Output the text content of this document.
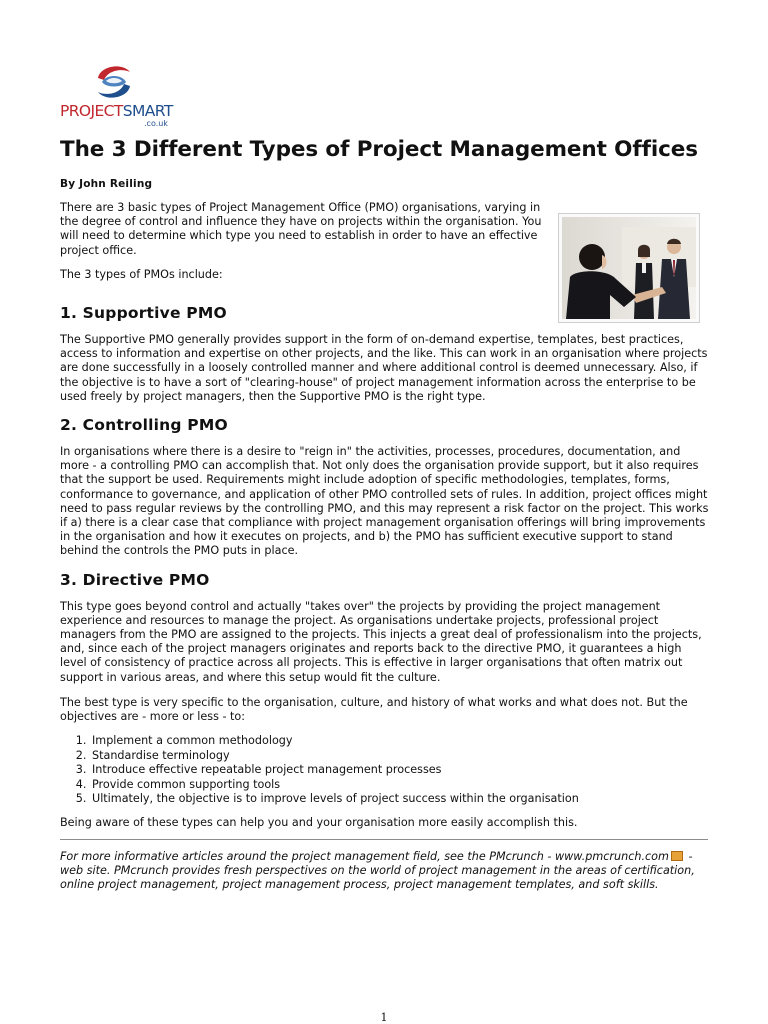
PROJECTSMART
.co.uk
The 3 Different Types of Project Management Offices
By John Reiling

There are 3 basic types of Project Management Office (PMO) organisations, varying in the degree of control and influence they have on projects within the organisation. You will need to determine which type you need to establish in order to have an effective project office.

The 3 types of PMOs include:

1. Supportive PMO

The Supportive PMO generally provides support in the form of on-demand expertise, templates, best practices, access to information and expertise on other projects, and the like. This can work in an organisation where projects are done successfully in a loosely controlled manner and where additional control is deemed unnecessary. Also, if the objective is to have a sort of "clearing-house" of project management information across the enterprise to be used freely by project managers, then the Supportive PMO is the right type.

2. Controlling PMO

In organisations where there is a desire to "reign in" the activities, processes, procedures, documentation, and more - a controlling PMO can accomplish that. Not only does the organisation provide support, but it also requires that the support be used. Requirements might include adoption of specific methodologies, templates, forms, conformance to governance, and application of other PMO controlled sets of rules. In addition, project offices might need to pass regular reviews by the controlling PMO, and this may represent a risk factor on the project. This works if a) there is a clear case that compliance with project management organisation offerings will bring improvements in the organisation and how it executes on projects, and b) the PMO has sufficient executive support to stand behind the controls the PMO puts in place.

3. Directive PMO

This type goes beyond control and actually "takes over" the projects by providing the project management experience and resources to manage the project. As organisations undertake projects, professional project managers from the PMO are assigned to the projects. This injects a great deal of professionalism into the projects, and, since each of the project managers originates and reports back to the directive PMO, it guarantees a high level of consistency of practice across all projects. This is effective in larger organisations that often matrix out support in various areas, and where this setup would fit the culture.

The best type is very specific to the organisation, culture, and history of what works and what does not. But the objectives are - more or less - to:

1. Implement a common methodology
2. Standardise terminology
3. Introduce effective repeatable project management processes
4. Provide common supporting tools
5. Ultimately, the objective is to improve levels of project success within the organisation

Being aware of these types can help you and your organisation more easily accomplish this.

For more informative articles around the project management field, see the PMcrunch - www.pmcrunch.com - web site. PMcrunch provides fresh perspectives on the world of project management in the areas of certification, online project management, project management process, project management templates, and soft skills.

1
